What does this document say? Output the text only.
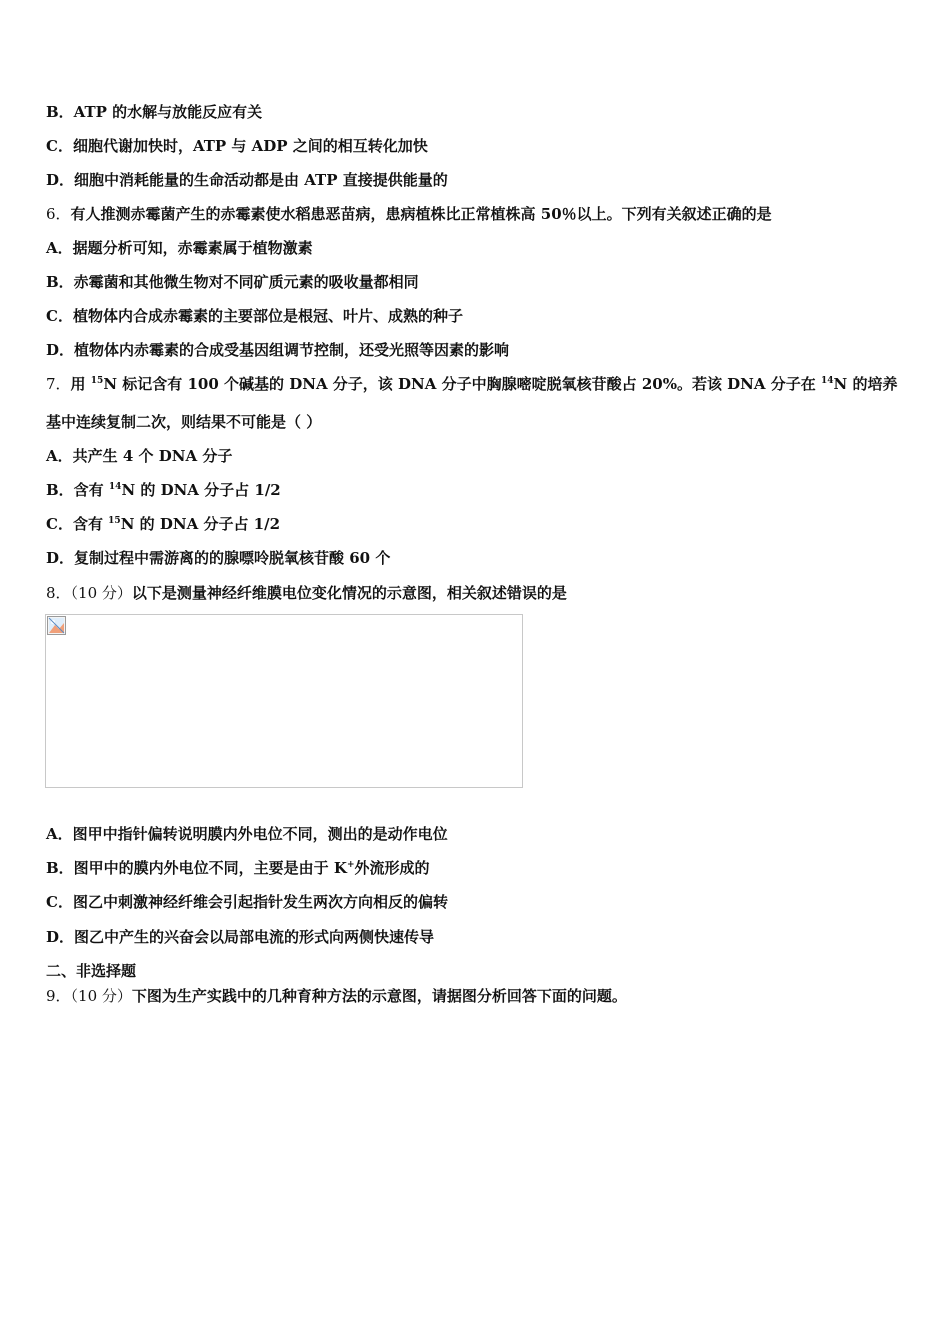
B．ATP 的水解与放能反应有关
C．细胞代谢加快时，ATP 与 ADP 之间的相互转化加快
D．细胞中消耗能量的生命活动都是由 ATP 直接提供能量的
6．有人推测赤霉菌产生的赤霉素使水稻患恶苗病，患病植株比正常植株高 50％以上。下列有关叙述正确的是
A．据题分析可知，赤霉素属于植物激素
B．赤霉菌和其他微生物对不同矿质元素的吸收量都相同
C．植物体内合成赤霉素的主要部位是根冠、叶片、成熟的种子
D．植物体内赤霉素的合成受基因组调节控制，还受光照等因素的影响
7．用 $^{15}$N 标记含有 100 个碱基的 DNA 分子，该 DNA 分子中胸腺嘧啶脱氧核苷酸占 20%。若该 DNA 分子在 $^{14}$N 的培养
基中连续复制二次，则结果不可能是（ ）
A．共产生 4 个 DNA 分子
B．含有 $^{14}$N 的 DNA 分子占 1/2
C．含有 $^{15}$N 的 DNA 分子占 1/2
D．复制过程中需游离的的腺嘌呤脱氧核苷酸 60 个
8．（10 分）以下是测量神经纤维膜电位变化情况的示意图，相关叙述错误的是
A．图甲中指针偏转说明膜内外电位不同，测出的是动作电位
B．图甲中的膜内外电位不同，主要是由于 K+外流形成的
C．图乙中刺激神经纤维会引起指针发生两次方向相反的偏转
D．图乙中产生的兴奋会以局部电流的形式向两侧快速传导
二、非选择题
9．（10 分）下图为生产实践中的几种育种方法的示意图，请据图分析回答下面的问题。
